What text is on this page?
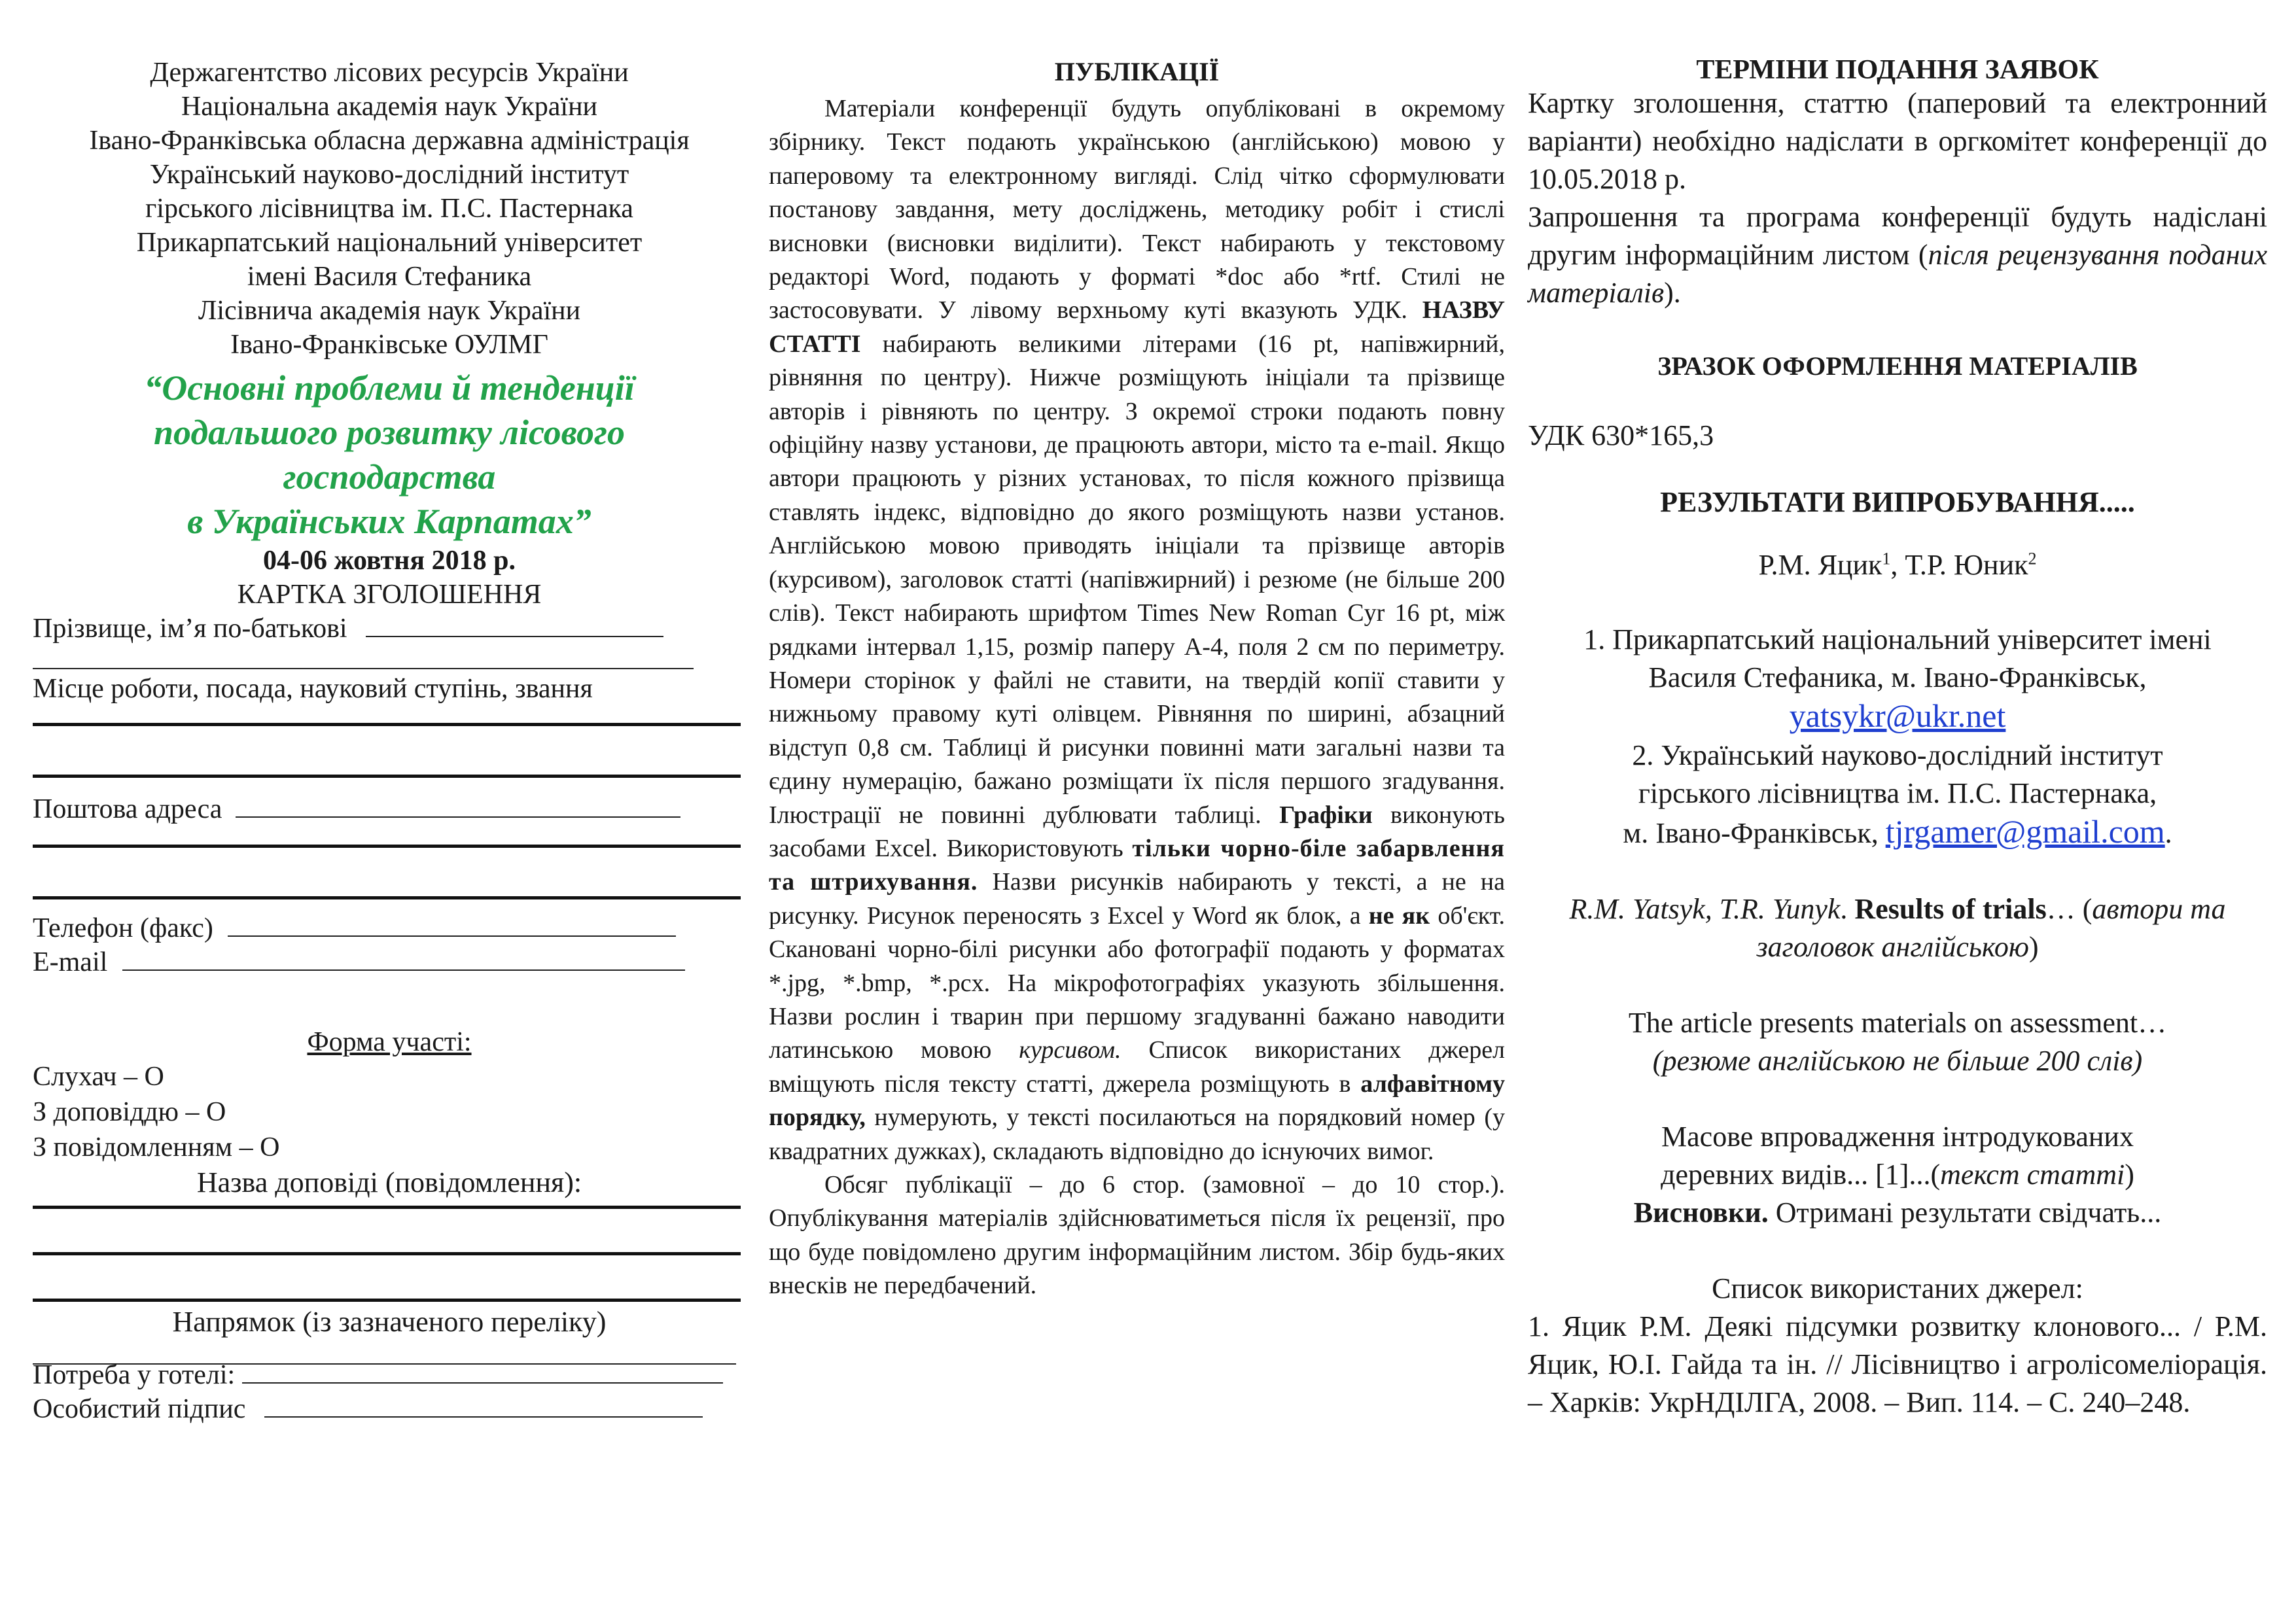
Держагентство лісових ресурсів України
Національна академія наук України
Івано-Франківська обласна державна адміністрація
Український науково-дослідний інститут
гірського лісівництва ім. П.С. Пастернака
Прикарпатський національний університет
імені Василя Стефаника
Лісівнича академія наук України
Івано-Франківське ОУЛМГ
“Основні проблеми й тенденції
подальшого розвитку лісового
господарства
в Українських Карпатах”
04-06 жовтня 2018 р.
КАРТКА ЗГОЛОШЕННЯ
Прізвище, ім’я по-батькові
Місце роботи, посада, науковий ступінь, звання
Поштова адреса
Телефон (факс)
E-mail
Форма участі:
Слухач – О
З доповіддю – О
З повідомленням – О
Назва доповіді (повідомлення):
Напрямок (із зазначеного переліку)
Потреба у готелі:
Особистий підпис
ПУБЛІКАЦІЇ
Матеріали конференції будуть опубліковані в окремому збірнику. Текст подають українською (англійською) мовою у паперовому та електронному вигляді. Слід чітко сформулювати постанову завдання, мету досліджень, методику робіт і стислі висновки (висновки виділити). Текст набирають у текстовому редакторі Word, подають у форматі *doc або *rtf. Стилі не застосовувати. У лівому верхньому куті вказують УДК. НАЗВУ СТАТТІ набирають великими літерами (16 pt, напівжирний, рівняння по центру). Нижче розміщують ініціали та прізвище авторів і рівняють по центру. З окремої строки подають повну офіційну назву установи, де працюють автори, місто та e-mail. Якщо автори працюють у різних установах, то після кожного прізвища ставлять індекс, відповідно до якого розміщують назви установ. Англійською мовою приводять ініціали та прізвище авторів (курсивом), заголовок статті (напівжирний) і резюме (не більше 200 слів). Текст набирають шрифтом Times New Roman Cyr 16 pt, між рядками інтервал 1,15, розмір паперу А-4, поля 2 см по периметру. Номери сторінок у файлі не ставити, на твердій копії ставити у нижньому правому куті олівцем. Рівняння по ширині, абзацний відступ 0,8 см. Таблиці й рисунки повинні мати загальні назви та єдину нумерацію, бажано розміщати їх після першого згадування. Ілюстрації не повинні дублювати таблиці. Графіки виконують засобами Excel. Використовують тільки чорно-біле забарвлення та штрихування. Назви рисунків набирають у тексті, а не на рисунку. Рисунок переносять з Excel у Word як блок, а не як об'єкт. Скановані чорно-білі рисунки або фотографії подають у форматах *.jpg, *.bmp, *.pcx. На мікрофотографіях указують збільшення. Назви рослин і тварин при першому згадуванні бажано наводити латинською мовою курсивом. Список використаних джерел вміщують після тексту статті, джерела розміщують в алфавітному порядку, нумерують, у тексті посилаються на порядковий номер (у квадратних дужках), складають відповідно до існуючих вимог.
Обсяг публікації – до 6 стор. (замовної – до 10 стор.). Опублікування матеріалів здійснюватиметься після їх рецензії, про що буде повідомлено другим інформаційним листом. Збір будь-яких внесків не передбачений.
ТЕРМІНИ ПОДАННЯ ЗАЯВОК
Картку зголошення, статтю (паперовий та електронний варіанти) необхідно надіслати в оргкомітет конференції до 10.05.2018 р.
Запрошення та програма конференції будуть надіслані другим інформаційним листом (після рецензування поданих матеріалів).
ЗРАЗОК ОФОРМЛЕННЯ МАТЕРІАЛІВ
УДК 630*165,3
РЕЗУЛЬТАТИ ВИПРОБУВАННЯ.....
Р.М. Яцик$^1$, Т.Р. Юник$^2$
1. Прикарпатський національний університет імені
Василя Стефаника, м. Івано-Франківськ,
yatsykr@ukr.net
2. Український науково-дослідний інститут
гірського лісівництва ім. П.С. Пастернака,
м. Івано-Франківськ, tjrgamer@gmail.com.
R.M. Yatsyk, T.R. Yunyk. Results of trials… (автори та заголовок англійською)
The article presents materials on assessment…
(резюме англійською не більше 200 слів)
Масове впровадження інтродукованих
деревних видів... [1]...(текст статті)
Висновки. Отримані результати свідчать...
Список використаних джерел:
1. Яцик Р.М. Деякі підсумки розвитку клонового... / Р.М. Яцик, Ю.І. Гайда та ін. // Лісівництво і агролісомеліорація. – Харків: УкрНДІЛГА, 2008. – Вип. 114. – С. 240–248.
